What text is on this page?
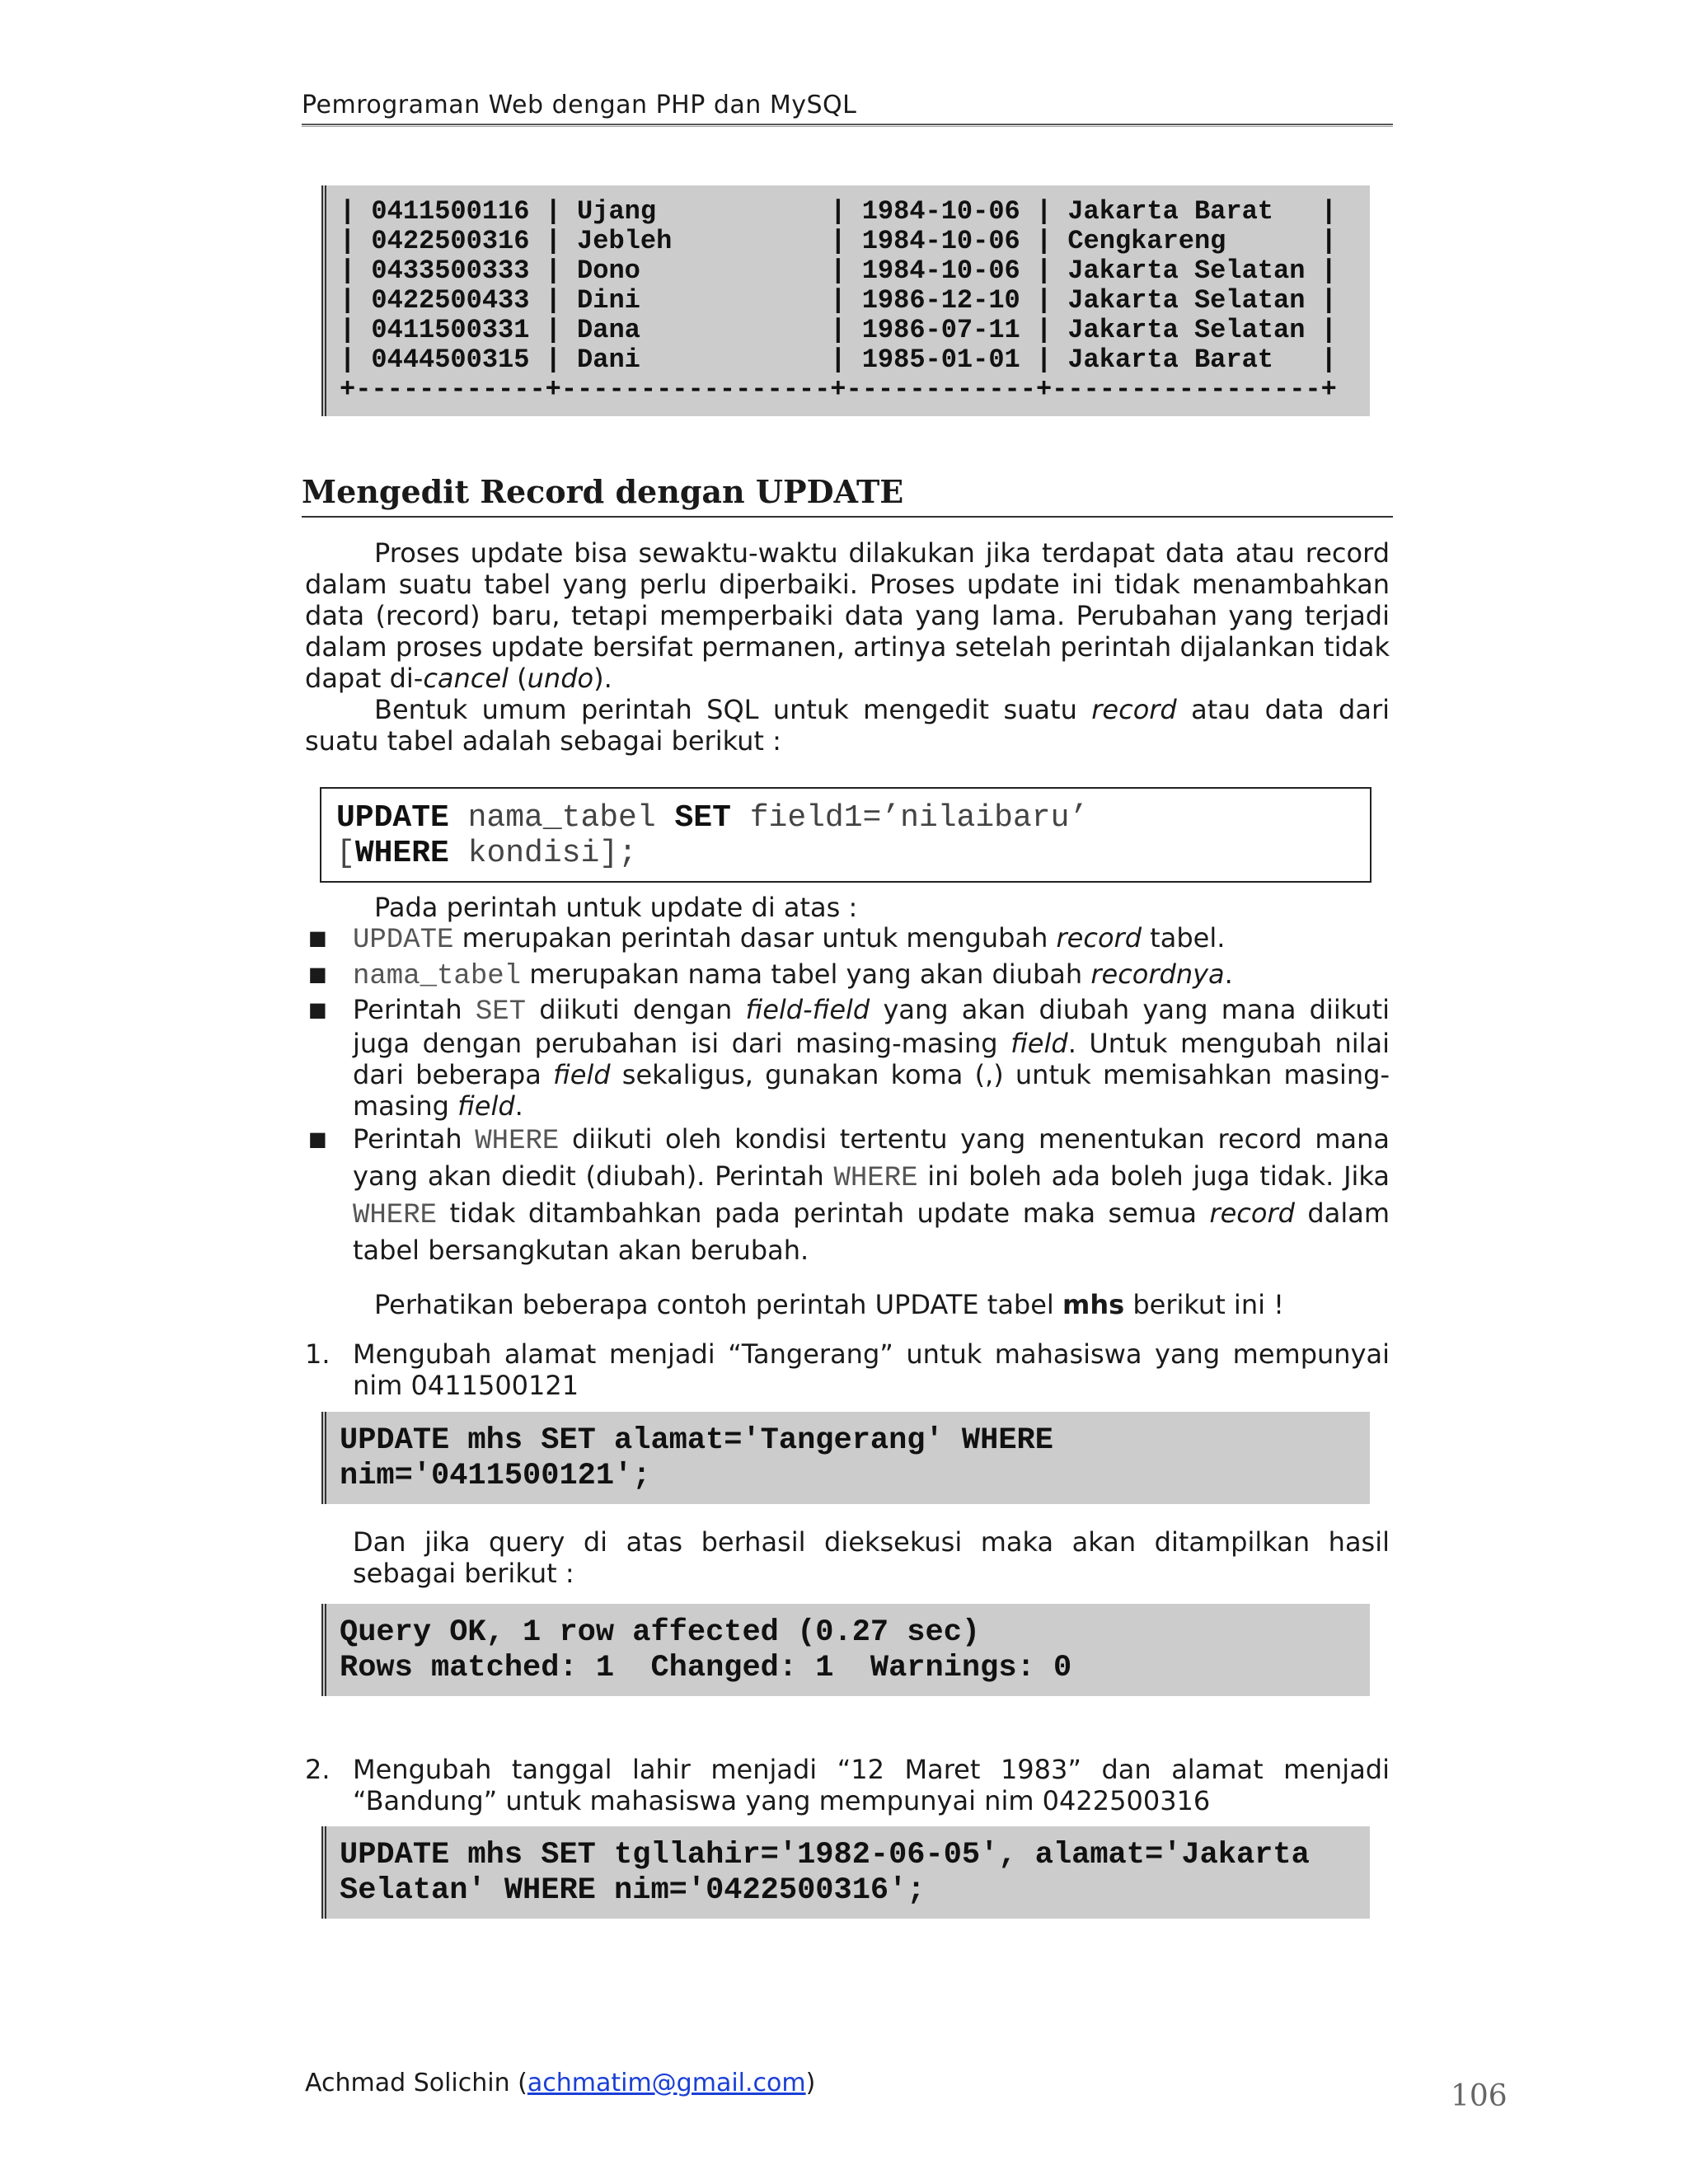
Pemrograman Web dengan PHP dan MySQL
| 0411500116 | Ujang           | 1984-10-06 | Jakarta Barat   |
| 0422500316 | Jebleh          | 1984-10-06 | Cengkareng      |
| 0433500333 | Dono            | 1984-10-06 | Jakarta Selatan |
| 0422500433 | Dini            | 1986-12-10 | Jakarta Selatan |
| 0411500331 | Dana            | 1986-07-11 | Jakarta Selatan |
| 0444500315 | Dani            | 1985-01-01 | Jakarta Barat   |
+------------+-----------------+------------+-----------------+
Mengedit Record dengan UPDATE

Proses update bisa sewaktu-waktu dilakukan jika terdapat data atau record dalam suatu tabel yang perlu diperbaiki. Proses update ini tidak menambahkan data (record) baru, tetapi memperbaiki data yang lama. Perubahan yang terjadi dalam proses update bersifat permanen, artinya setelah perintah dijalankan tidak dapat di-cancel (undo).

Bentuk umum perintah SQL untuk mengedit suatu record atau data dari suatu tabel adalah sebagai berikut :

UPDATE nama_tabel SET field1=’nilaibaru’
[WHERE kondisi];

Pada perintah untuk update di atas :

■ UPDATE merupakan perintah dasar untuk mengubah record tabel.
■ nama_tabel merupakan nama tabel yang akan diubah recordnya.
■ Perintah SET diikuti dengan field-field yang akan diubah yang mana diikuti juga dengan perubahan isi dari masing-masing field. Untuk mengubah nilai dari beberapa field sekaligus, gunakan koma (,) untuk memisahkan masing-masing field.
■ Perintah WHERE diikuti oleh kondisi tertentu yang menentukan record mana yang akan diedit (diubah). Perintah WHERE ini boleh ada boleh juga tidak. Jika WHERE tidak ditambahkan pada perintah update maka semua record dalam tabel bersangkutan akan berubah.

Perhatikan beberapa contoh perintah UPDATE tabel mhs berikut ini !

1. Mengubah alamat menjadi “Tangerang” untuk mahasiswa yang mempunyai nim 0411500121
UPDATE mhs SET alamat='Tangerang' WHERE
nim='0411500121';

Dan jika query di atas berhasil dieksekusi maka akan ditampilkan hasil sebagai berikut :

Query OK, 1 row affected (0.27 sec)
Rows matched: 1  Changed: 1  Warnings: 0
2. Mengubah tanggal lahir menjadi “12 Maret 1983” dan alamat menjadi “Bandung” untuk mahasiswa yang mempunyai nim 0422500316
UPDATE mhs SET tgllahir='1982-06-05', alamat='Jakarta
Selatan' WHERE nim='0422500316';
Achmad Solichin (achmatim@gmail.com)	106
